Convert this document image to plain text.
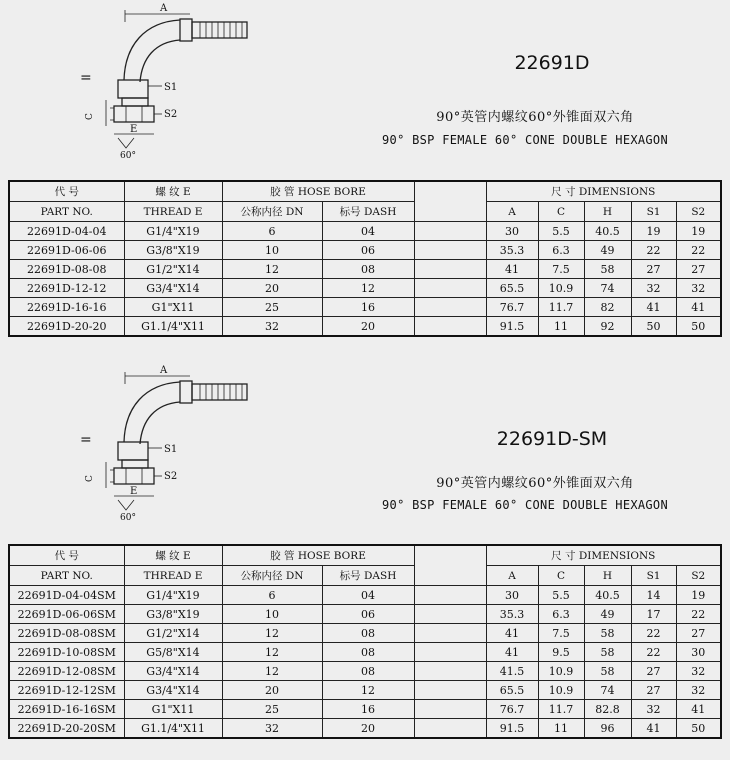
A
S1
S2
E
60°
=
C
22691D
90°英管内螺纹60°外锥面双六角
90° BSP FEMALE 60° CONE DOUBLE HEXAGON
代 号	螺 纹 E	胶 管 HOSE BORE			尺 寸 DIMENSIONS				
PART NO.	THREAD E	公称内径 DN	标号 DASH		A	C	H	S1	S2
22691D-04-04	G1/4"X19	6	04		30	5.5	40.5	19	19
22691D-06-06	G3/8"X19	10	06		35.3	6.3	49	22	22
22691D-08-08	G1/2"X14	12	08		41	7.5	58	27	27
22691D-12-12	G3/4"X14	20	12		65.5	10.9	74	32	32
22691D-16-16	G1"X11	25	16		76.7	11.7	82	41	41
22691D-20-20	G1.1/4"X11	32	20		91.5	11	92	50	50
A
S1
S2
E
60°
=
C
22691D-SM
90°英管内螺纹60°外锥面双六角
90° BSP FEMALE 60° CONE DOUBLE HEXAGON
代 号	螺 纹 E	胶 管 HOSE BORE			尺 寸 DIMENSIONS				
PART NO.	THREAD E	公称内径 DN	标号 DASH		A	C	H	S1	S2
22691D-04-04SM	G1/4"X19	6	04		30	5.5	40.5	14	19
22691D-06-06SM	G3/8"X19	10	06		35.3	6.3	49	17	22
22691D-08-08SM	G1/2"X14	12	08		41	7.5	58	22	27
22691D-10-08SM	G5/8"X14	12	08		41	9.5	58	22	30
22691D-12-08SM	G3/4"X14	12	08		41.5	10.9	58	27	32
22691D-12-12SM	G3/4"X14	20	12		65.5	10.9	74	27	32
22691D-16-16SM	G1"X11	25	16		76.7	11.7	82.8	32	41
22691D-20-20SM	G1.1/4"X11	32	20		91.5	11	96	41	50
